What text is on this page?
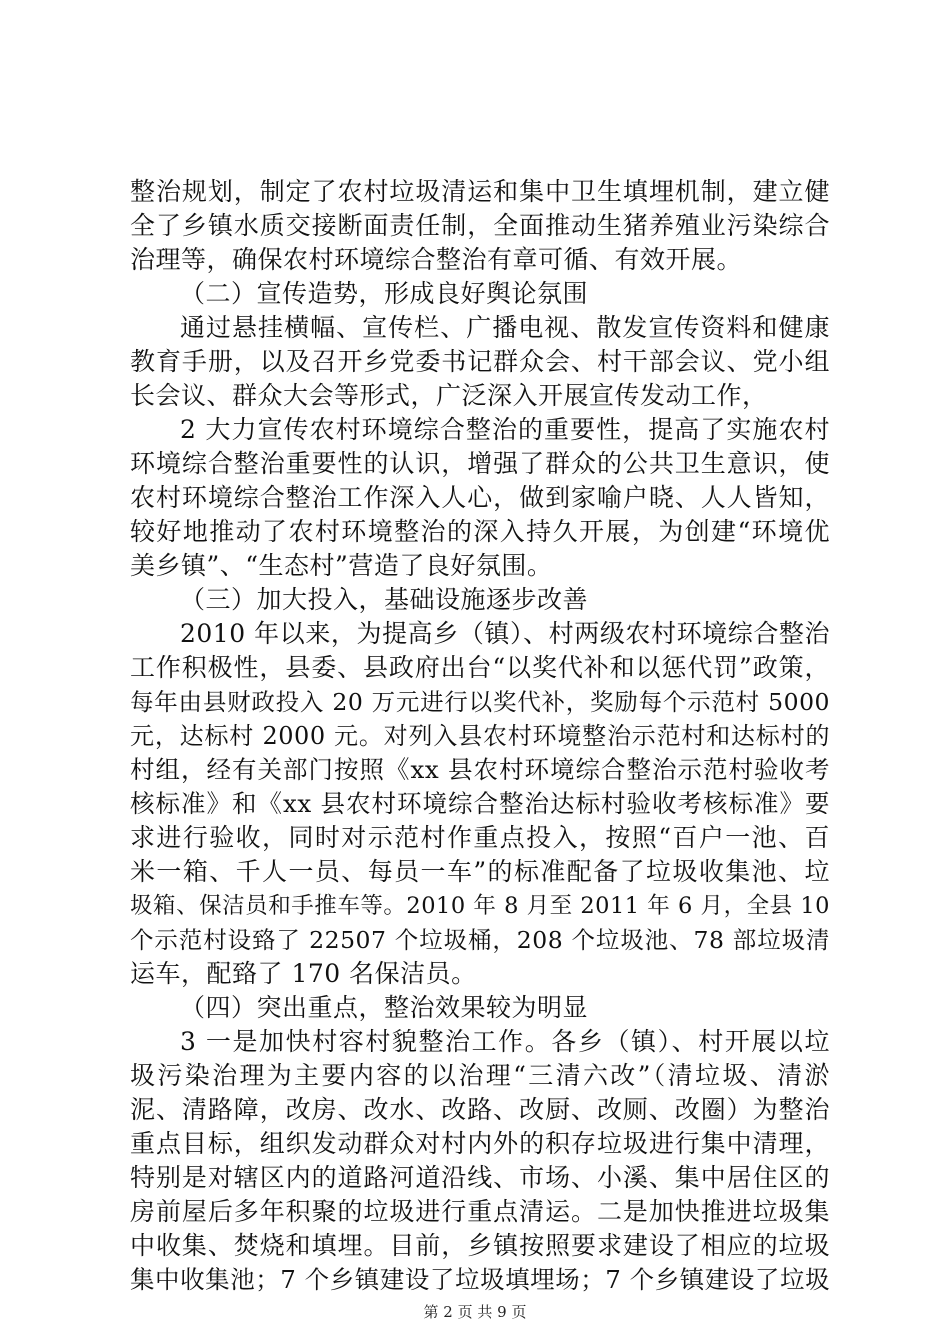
整治规划，制定了农村垃圾清运和集中卫生填埋机制，建立健
全了乡镇水质交接断面责任制，全面推动生猪养殖业污染综合
治理等，确保农村环境综合整治有章可循、有效开展。
（二）宣传造势，形成良好舆论氛围
通过悬挂横幅、宣传栏、广播电视、散发宣传资料和健康
教育手册，以及召开乡党委书记群众会、村干部会议、党小组
长会议、群众大会等形式，广泛深入开展宣传发动工作，
2 大力宣传农村环境综合整治的重要性，提高了实施农村
环境综合整治重要性的认识，增强了群众的公共卫生意识，使
农村环境综合整治工作深入人心，做到家喻户晓、人人皆知，
较好地推动了农村环境整治的深入持久开展，为创建“环境优
美乡镇”、“生态村”营造了良好氛围。
（三）加大投入，基础设施逐步改善
2010 年以来，为提高乡（镇）、村两级农村环境综合整治
工作积极性，县委、县政府出台“以奖代补和以惩代罚”政策，
每年由县财政投入 20 万元进行以奖代补，奖励每个示范村 5000
元，达标村 2000 元。对列入县农村环境整治示范村和达标村的
村组，经有关部门按照《xx 县农村环境综合整治示范村验收考
核标准》和《xx 县农村环境综合整治达标村验收考核标准》要
求进行验收，同时对示范村作重点投入，按照“百户一池、百
米一箱、千人一员、每员一车”的标准配备了垃圾收集池、垃
圾箱、保洁员和手推车等。2010 年 8 月至 2011 年 6 月，全县 10
个示范村设臵了 22507 个垃圾桶，208 个垃圾池、78 部垃圾清
运车，配臵了 170 名保洁员。
（四）突出重点，整治效果较为明显
3 一是加快村容村貌整治工作。各乡（镇）、村开展以垃
圾污染治理为主要内容的以治理“三清六改”（清垃圾、清淤
泥、清路障，改房、改水、改路、改厨、改厕、改圈）为整治
重点目标，组织发动群众对村内外的积存垃圾进行集中清理，
特别是对辖区内的道路河道沿线、市场、小溪、集中居住区的
房前屋后多年积聚的垃圾进行重点清运。二是加快推进垃圾集
中收集、焚烧和填埋。目前，乡镇按照要求建设了相应的垃圾
集中收集池；7 个乡镇建设了垃圾填埋场；7 个乡镇建设了垃圾
第 2 页 共 9 页
